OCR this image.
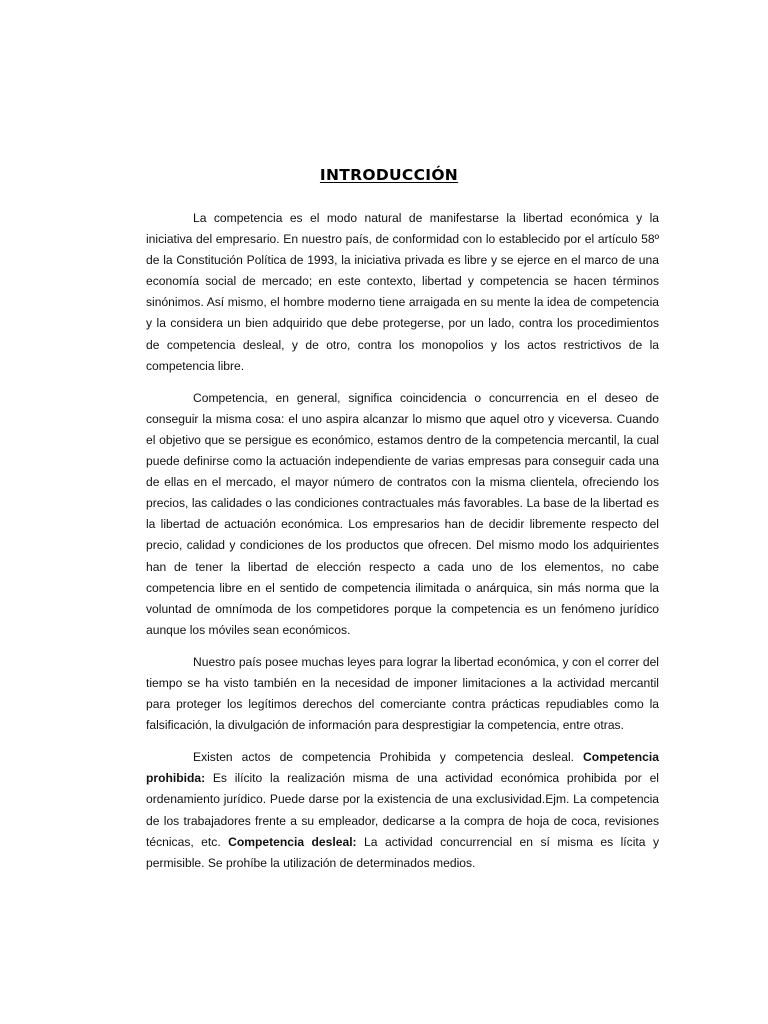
INTRODUCCIÓN

La competencia es el modo natural de manifestarse la libertad económica y la iniciativa del empresario. En nuestro país, de conformidad con lo establecido por el artículo 58º de la Constitución Política de 1993, la iniciativa privada es libre y se ejerce en el marco de una economía social de mercado; en este contexto, libertad y competencia se hacen términos sinónimos. Así mismo, el hombre moderno tiene arraigada en su mente la idea de competencia y la considera un bien adquirido que debe protegerse, por un lado, contra los procedimientos de competencia desleal, y de otro, contra los monopolios y los actos restrictivos de la competencia libre.

Competencia, en general, significa coincidencia o concurrencia en el deseo de conseguir la misma cosa: el uno aspira alcanzar lo mismo que aquel otro y viceversa. Cuando el objetivo que se persigue es económico, estamos dentro de la competencia mercantil, la cual puede definirse como la actuación independiente de varias empresas para conseguir cada una de ellas en el mercado, el mayor número de contratos con la misma clientela, ofreciendo los precios, las calidades o las condiciones contractuales más favorables. La base de la libertad es la libertad de actuación económica. Los empresarios han de decidir libremente respecto del precio, calidad y condiciones de los productos que ofrecen. Del mismo modo los adquirientes han de tener la libertad de elección respecto a cada uno de los elementos, no cabe competencia libre en el sentido de competencia ilimitada o anárquica, sin más norma que la voluntad de omnímoda de los competidores porque la competencia es un fenómeno jurídico aunque los móviles sean económicos.

Nuestro país posee muchas leyes para lograr la libertad económica, y con el correr del tiempo se ha visto también en la necesidad de imponer limitaciones a la actividad mercantil para proteger los legítimos derechos del comerciante contra prácticas repudiables como la falsificación, la divulgación de información para desprestigiar la competencia, entre otras.

Existen actos de competencia Prohibida y competencia desleal. Competencia prohibida: Es ilícito la realización misma de una actividad económica prohibida por el ordenamiento jurídico. Puede darse por la existencia de una exclusividad.Ejm. La competencia de los trabajadores frente a su empleador, dedicarse a la compra de hoja de coca, revisiones técnicas, etc. Competencia desleal: La actividad concurrencial en sí misma es lícita y permisible. Se prohíbe la utilización de determinados medios.
